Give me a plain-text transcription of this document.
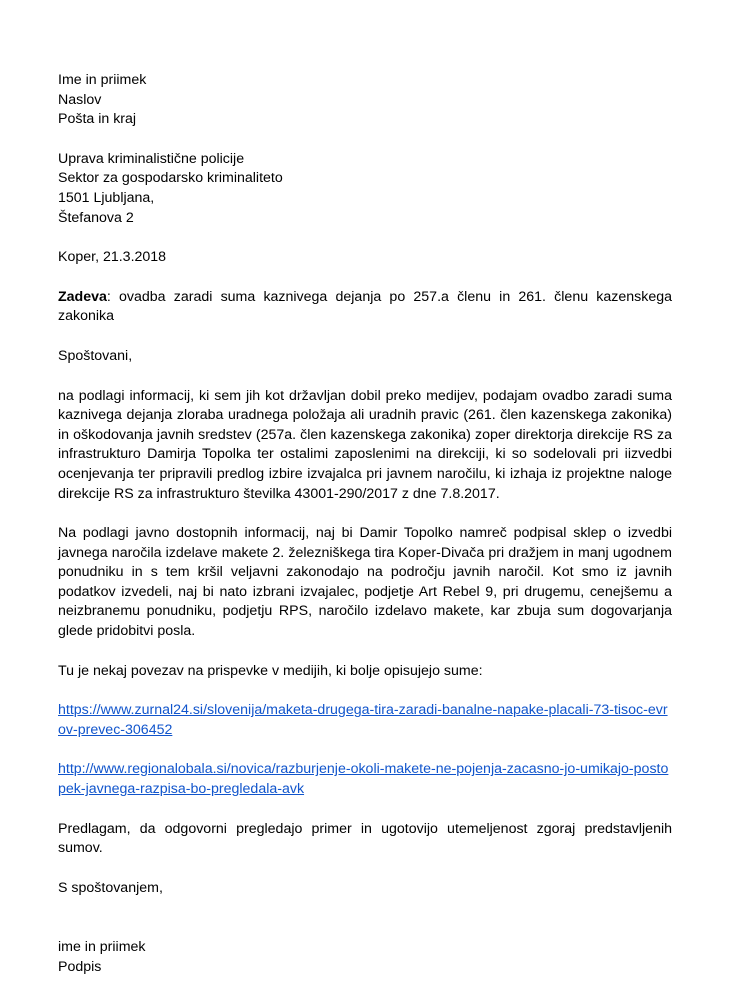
Ime in priimek
Naslov
Pošta in kraj
Uprava kriminalistične policije
Sektor za gospodarsko kriminaliteto
1501 Ljubljana,
Štefanova 2
Koper, 21.3.2018
Zadeva: ovadba zaradi suma kaznivega dejanja po 257.a členu in 261. členu kazenskega zakonika
Spoštovani,
na podlagi informacij, ki sem jih kot državljan dobil preko medijev, podajam ovadbo zaradi suma kaznivega dejanja zloraba uradnega položaja ali uradnih pravic (261. člen kazenskega zakonika) in oškodovanja javnih sredstev (257a. člen kazenskega zakonika) zoper direktorja direkcije RS za infrastrukturo Damirja Topolka ter ostalimi zaposlenimi na direkciji, ki so sodelovali pri iizvedbi ocenjevanja ter pripravili predlog izbire izvajalca pri javnem naročilu, ki izhaja iz projektne naloge direkcije RS za infrastrukturo številka 43001-290/2017 z dne 7.8.2017.
Na podlagi javno dostopnih informacij, naj bi Damir Topolko namreč podpisal sklep o izvedbi javnega naročila izdelave makete 2. železniškega tira Koper-Divača pri dražjem in manj ugodnem ponudniku in s tem kršil veljavni zakonodajo na področju javnih naročil. Kot smo iz javnih podatkov izvedeli, naj bi nato izbrani izvajalec, podjetje Art Rebel 9, pri drugemu, cenejšemu a neizbranemu ponudniku, podjetju RPS, naročilo izdelavo makete, kar zbuja sum dogovarjanja glede pridobitvi posla.
Tu je nekaj povezav na prispevke v medijih, ki bolje opisujejo sume:
https://www.zurnal24.si/slovenija/maketa-drugega-tira-zaradi-banalne-napake-placali-73-tisoc-evrov-prevec-306452
http://www.regionalobala.si/novica/razburjenje-okoli-makete-ne-pojenja-zacasno-jo-umikajo-postopek-javnega-razpisa-bo-pregledala-avk
Predlagam, da odgovorni pregledajo primer in ugotovijo utemeljenost zgoraj predstavljenih sumov.
S spoštovanjem,
ime in priimek
Podpis
